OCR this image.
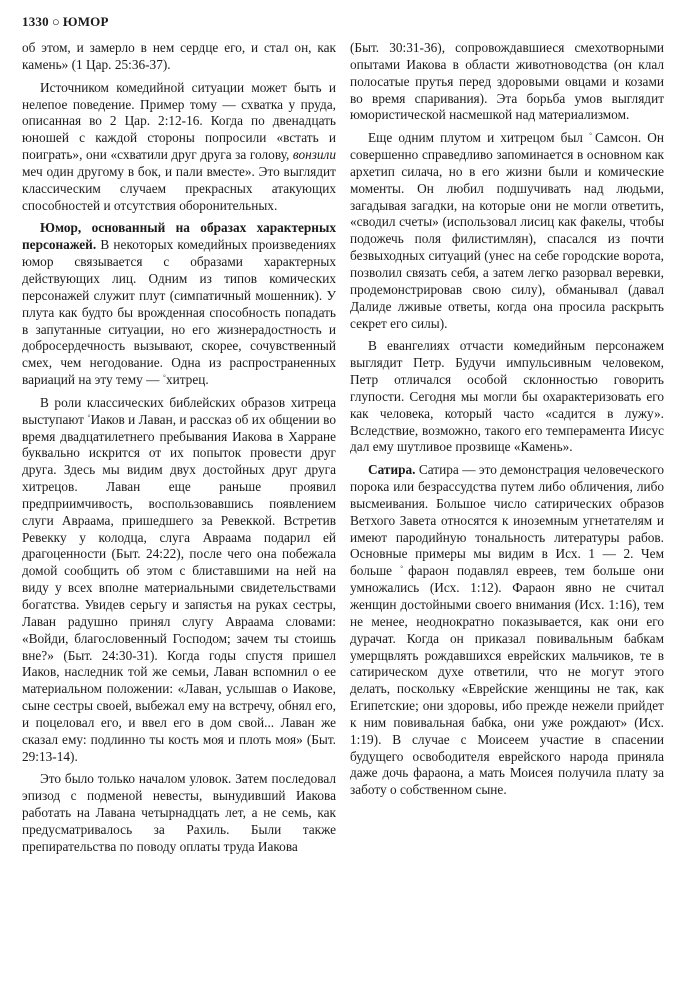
1330 ○ ЮМОР

об этом, и замерло в нем сердце его, и стал он, как камень» (1 Цар. 25:36-37).

Источником комедийной ситуации может быть и нелепое поведение. Пример тому — схватка у пруда, описанная во 2 Цар. 2:12-16. Когда по двенадцать юношей с каждой стороны попросили «встать и поиграть», они «схватили друг друга за голову, вонзили меч один другому в бок, и пали вместе». Это выглядит классическим случаем прекрасных атакующих способностей и отсутствия оборонительных.

Юмор, основанный на образах характерных персонажей. В некоторых комедийных произведениях юмор связывается с образами характерных действующих лиц. Одним из типов комических персонажей служит плут (симпатичный мошенник). У плута как будто бы врожденная способность попадать в запутанные ситуации, но его жизнерадостность и добросердечность вызывают, скорее, сочувственный смех, чем негодование. Одна из распространенных вариаций на эту тему — ◦хитрец.

В роли классических библейских образов хитреца выступают ◦Иаков и Лаван, и рассказ об их общении во время двадцатилетнего пребывания Иакова в Харране буквально искрится от их попыток провести друг друга. Здесь мы видим двух достойных друг друга хитрецов. Лаван еще раньше проявил предприимчивость, воспользовавшись появлением слуги Авраама, пришедшего за Ревеккой. Встретив Ревекку у колодца, слуга Авраама подарил ей драгоценности (Быт. 24:22), после чего она побежала домой сообщить об этом с блиставшими на ней на виду у всех вполне материальными свидетельствами богатства. Увидев серьгу и запястья на руках сестры, Лаван радушно принял слугу Авраама словами: «Войди, благословенный Господом; зачем ты стоишь вне?» (Быт. 24:30-31). Когда годы спустя пришел Иаков, наследник той же семьи, Лаван вспомнил о ее материальном положении: «Лаван, услышав о Иакове, сыне сестры своей, выбежал ему на встречу, обнял его, и поцеловал его, и ввел его в дом свой... Лаван же сказал ему: подлинно ты кость моя и плоть моя» (Быт. 29:13-14).

Это было только началом уловок. Затем последовал эпизод с подменой невесты, вынудивший Иакова работать на Лавана четырнадцать лет, а не семь, как предусматривалось за Рахиль. Были также препирательства по поводу оплаты труда Иакова

(Быт. 30:31-36), сопровождавшиеся смехотворными опытами Иакова в области животноводства (он клал полосатые прутья перед здоровыми овцами и козами во время спаривания). Эта борьба умов выглядит юмористической насмешкой над материализмом.

Еще одним плутом и хитрецом был ◦Самсон. Он совершенно справедливо запоминается в основном как архетип силача, но в его жизни были и комические моменты. Он любил подшучивать над людьми, загадывая загадки, на которые они не могли ответить, «сводил счеты» (использовал лисиц как факелы, чтобы подожечь поля филистимлян), спасался из почти безвыходных ситуаций (унес на себе городские ворота, позволил связать себя, а затем легко разорвал веревки, продемонстрировав свою силу), обманывал (давал Далиде лживые ответы, когда она просила раскрыть секрет его силы).

В евангелиях отчасти комедийным персонажем выглядит Петр. Будучи импульсивным человеком, Петр отличался особой склонностью говорить глупости. Сегодня мы могли бы охарактеризовать его как человека, который часто «садится в лужу». Вследствие, возможно, такого его темперамента Иисус дал ему шутливое прозвище «Камень».

Сатира. Сатира — это демонстрация человеческого порока или безрассудства путем либо обличения, либо высмеивания. Большое число сатирических образов Ветхого Завета относятся к иноземным угнетателям и имеют пародийную тональность литературы рабов. Основные примеры мы видим в Исх. 1 — 2. Чем больше ◦фараон подавлял евреев, тем больше они умножались (Исх. 1:12). Фараон явно не считал женщин достойными своего внимания (Исх. 1:16), тем не менее, неоднократно показывается, как они его дурачат. Когда он приказал повивальным бабкам умерщвлять рождавшихся еврейских мальчиков, те в сатирическом духе ответили, что не могут этого делать, поскольку «Еврейские женщины не так, как Египетские; они здоровы, ибо прежде нежели прийдет к ним повивальная бабка, они уже рождают» (Исх. 1:19). В случае с Моисеем участие в спасении будущего освободителя еврейского народа приняла даже дочь фараона, а мать Моисея получила плату за заботу о собственном сыне.
